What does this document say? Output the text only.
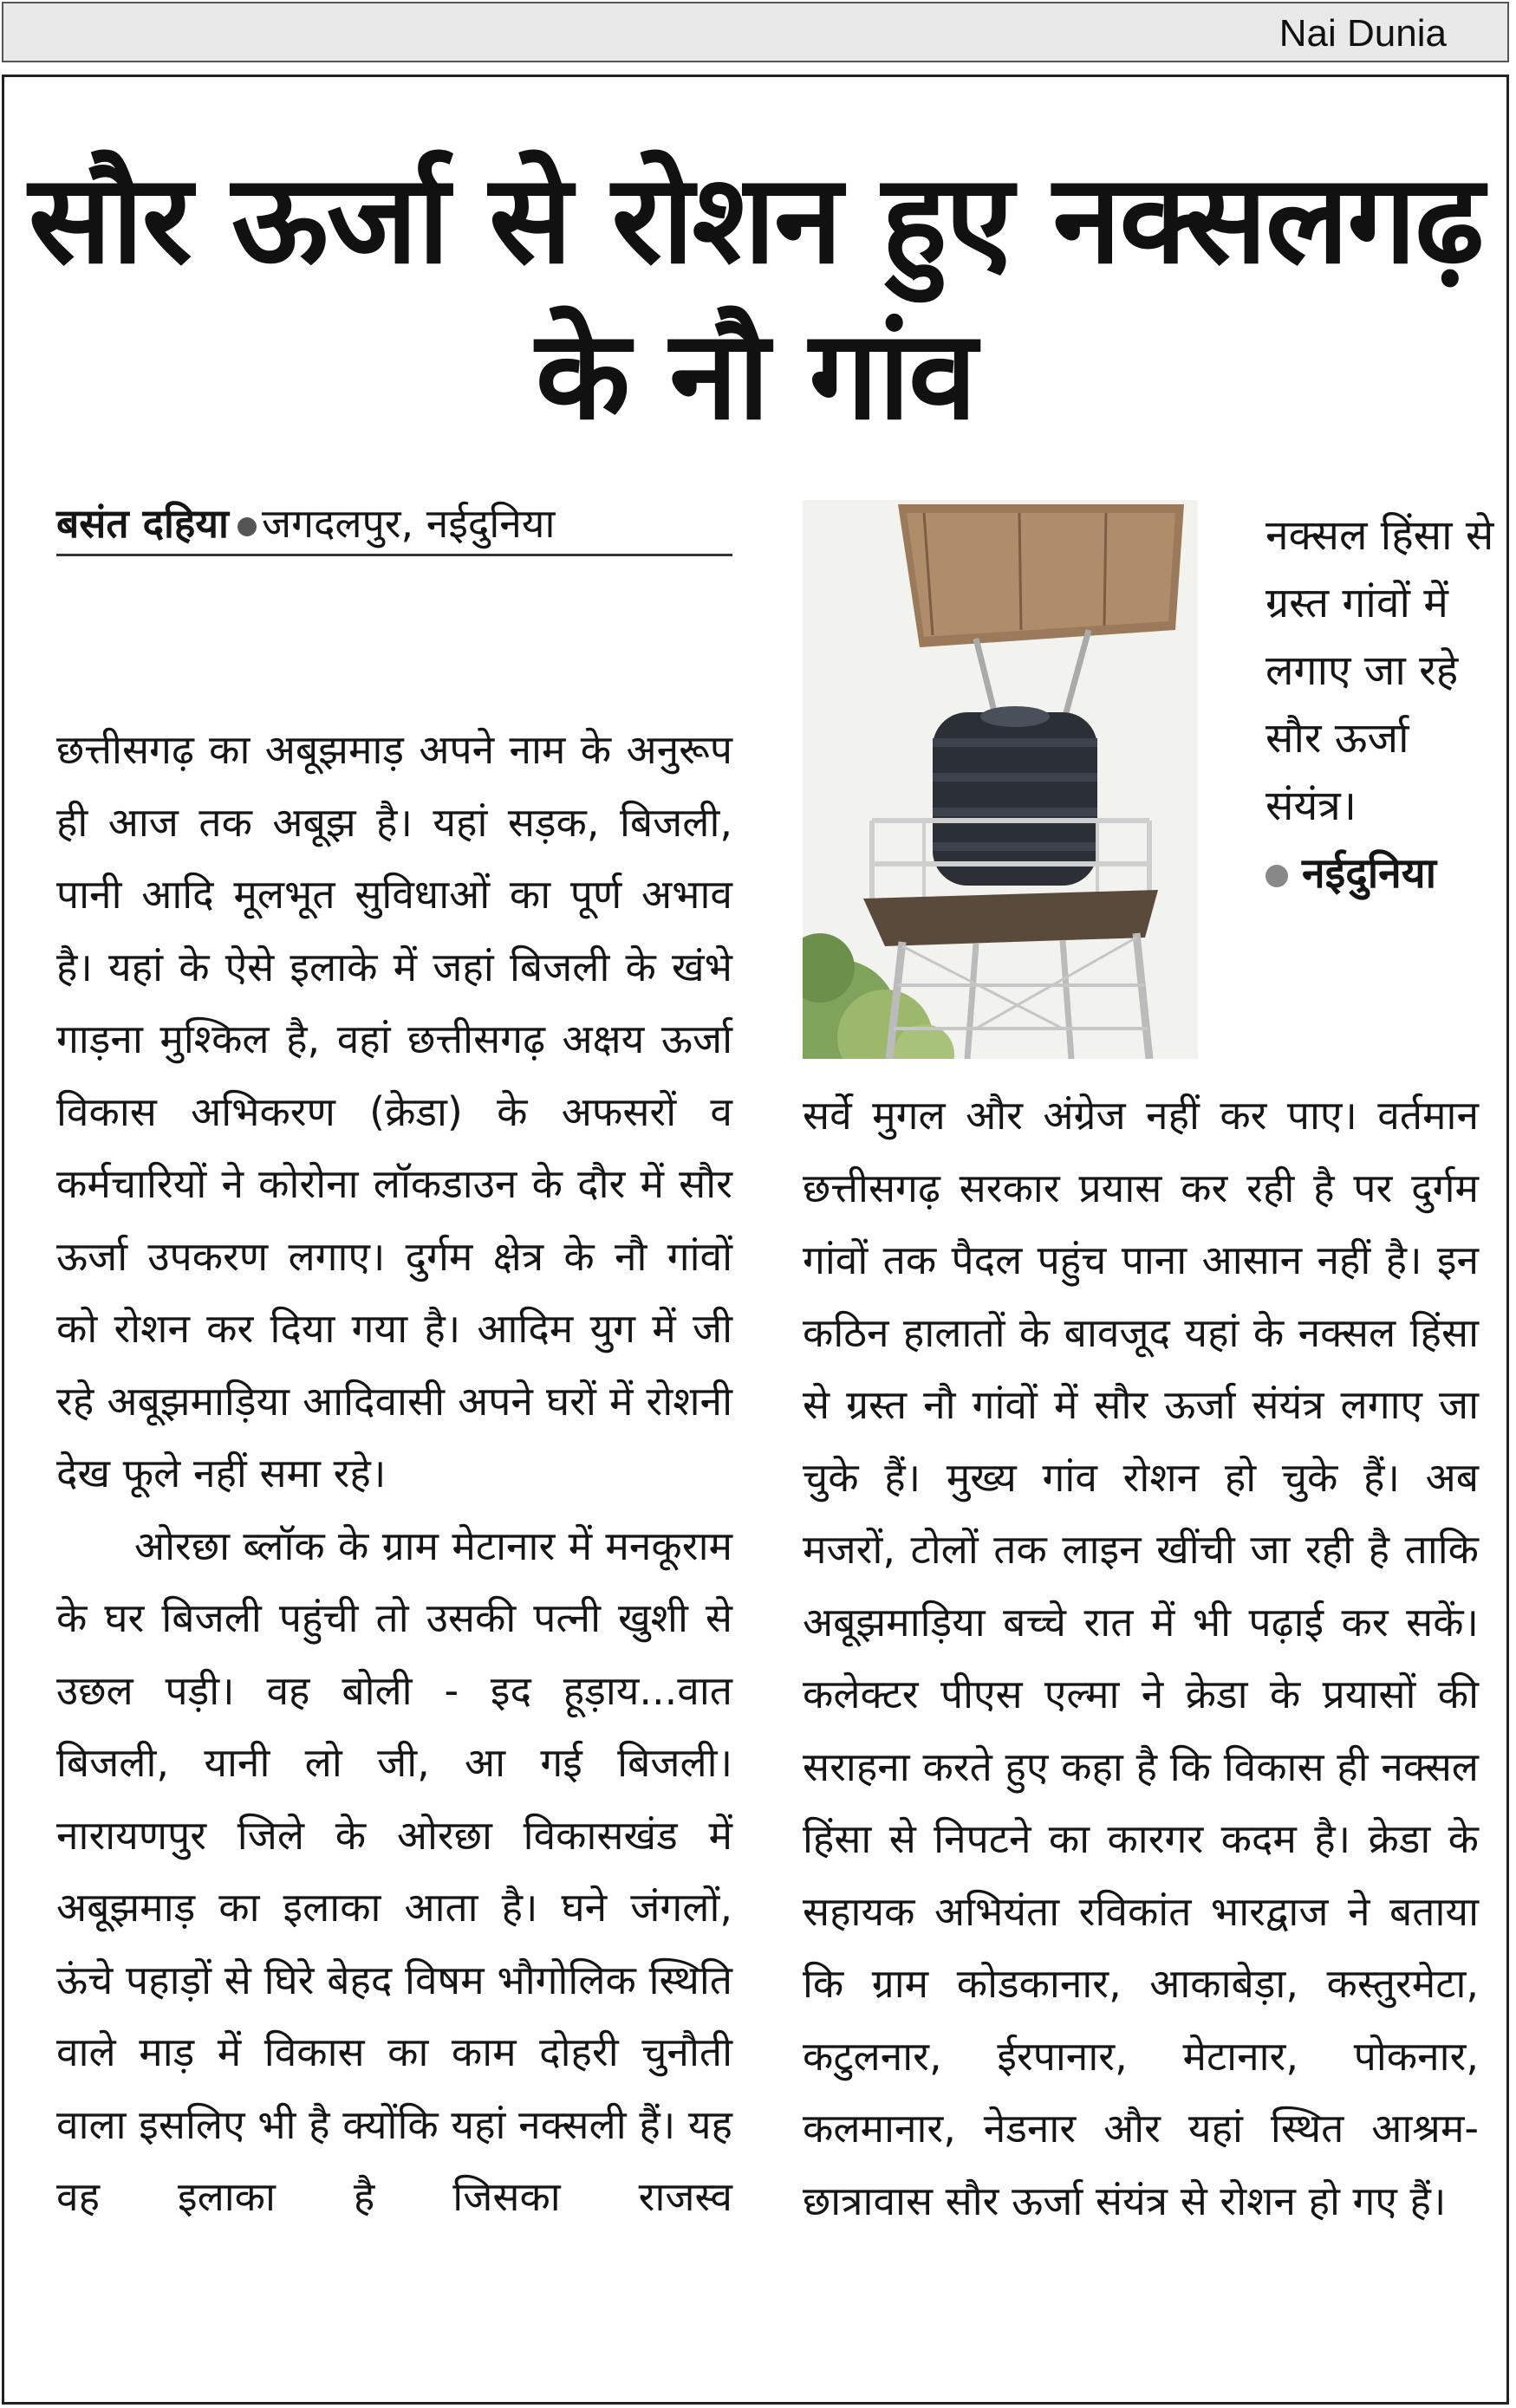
Nai Dunia
सौर ऊर्जा से रोशन हुए नक्सलगढ़ के नौ गांव
बसंत दहिया जगदलपुर, नईदुनिया	नक्सल हिंसा से ग्रस्त गांवों में लगाए जा रहे सौर ऊर्जा संयंत्र।
नईदुनिया

छत्तीसगढ़ का अबूझमाड़ अपने नाम के अनुरूप ही आज तक अबूझ है। यहां सड़क, बिजली, पानी आदि मूलभूत सुविधाओं का पूर्ण अभाव है। यहां के ऐसे इलाके में जहां बिजली के खंभे गाड़ना मुश्किल है, वहां छत्तीसगढ़ अक्षय ऊर्जा विकास अभिकरण (क्रेडा) के अफसरों व कर्मचारियों ने कोरोना लॉकडाउन के दौर में सौर ऊर्जा उपकरण लगाए। दुर्गम क्षेत्र के नौ गांवों को रोशन कर दिया गया है। आदिम युग में जी रहे अबूझमाड़िया आदिवासी अपने घरों में रोशनी देख फूले नहीं समा रहे।

ओरछा ब्लॉक के ग्राम मेटानार में मनकूराम के घर बिजली पहुंची तो उसकी पत्नी खुशी से उछल पड़ी। वह बोली - इद हूड़ाय...वात बिजली, यानी लो जी, आ गई बिजली। नारायणपुर जिले के ओरछा विकासखंड में अबूझमाड़ का इलाका आता है। घने जंगलों, ऊंचे पहाड़ों से घिरे बेहद विषम भौगोलिक स्थिति वाले माड़ में विकास का काम दोहरी चुनौती वाला इसलिए भी है क्योंकि यहां नक्सली हैं। यह वह इलाका है जिसका राजस्व

सर्वे मुगल और अंग्रेज नहीं कर पाए। वर्तमान छत्तीसगढ़ सरकार प्रयास कर रही है पर दुर्गम गांवों तक पैदल पहुंच पाना आसान नहीं है। इन कठिन हालातों के बावजूद यहां के नक्सल हिंसा से ग्रस्त नौ गांवों में सौर ऊर्जा संयंत्र लगाए जा चुके हैं। मुख्य गांव रोशन हो चुके हैं। अब मजरों, टोलों तक लाइन खींची जा रही है ताकि अबूझमाड़िया बच्चे रात में भी पढ़ाई कर सकें। कलेक्टर पीएस एल्मा ने क्रेडा के प्रयासों की सराहना करते हुए कहा है कि विकास ही नक्सल हिंसा से निपटने का कारगर कदम है। क्रेडा के सहायक अभियंता रविकांत भारद्वाज ने बताया कि ग्राम कोडकानार, आकाबेड़ा, कस्तुरमेटा, कटुलनार, ईरपानार, मेटानार, पोकनार, कलमानार, नेडनार और यहां स्थित आश्रम-छात्रावास सौर ऊर्जा संयंत्र से रोशन हो गए हैं।
